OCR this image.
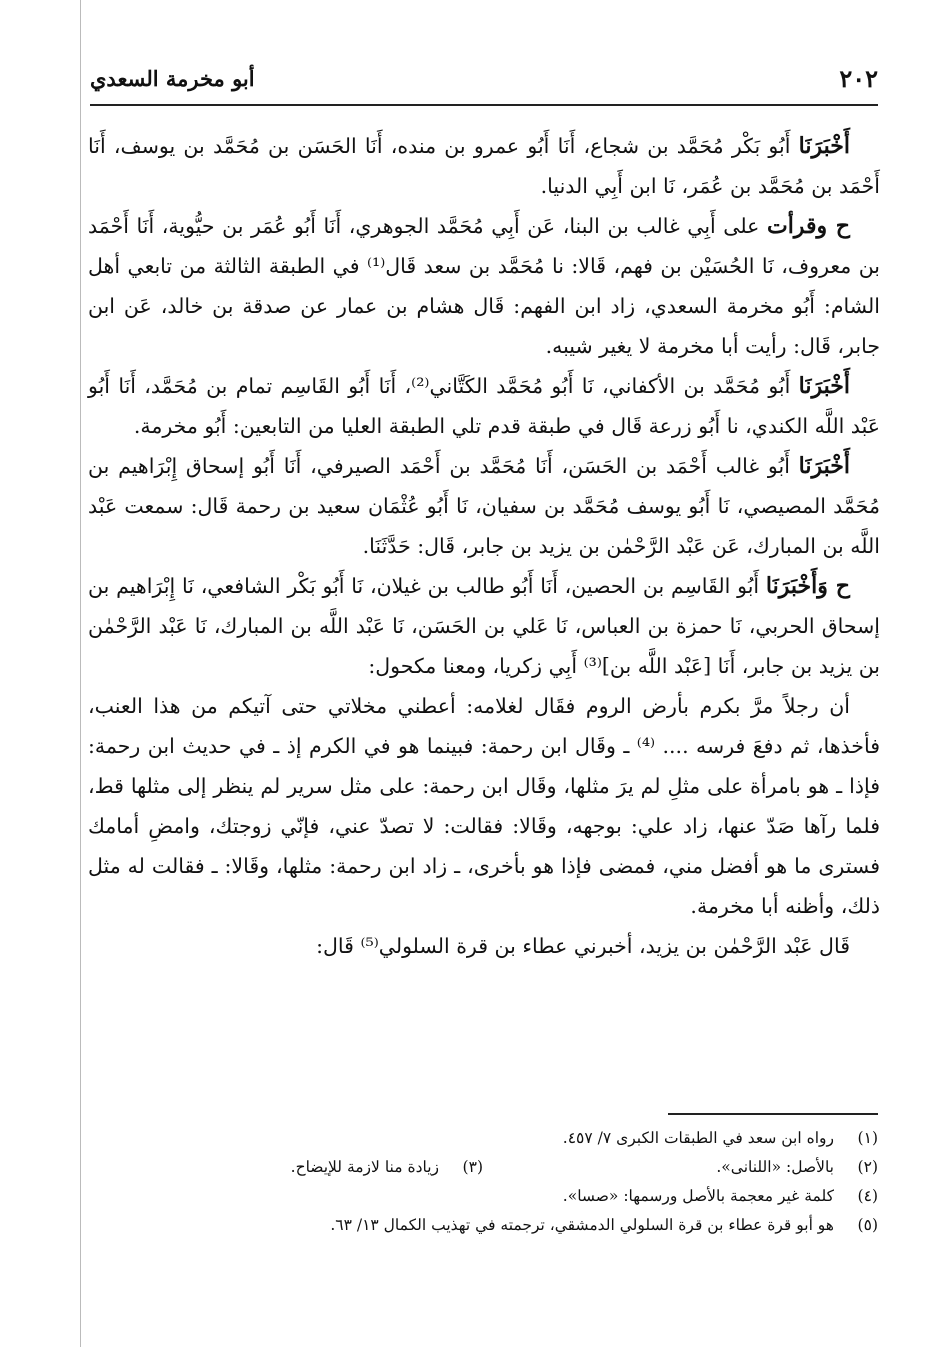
٢٠٢
أبو مخرمة السعدي

أَخْبَرَنَا أَبُو بَكْر مُحَمَّد بن شجاع، أَنَا أَبُو عمرو بن منده، أَنَا الحَسَن بن مُحَمَّد بن يوسف، أَنَا أَحْمَد بن مُحَمَّد بن عُمَر، نَا ابن أَبِي الدنيا.

ح وقرأت على أَبِي غالب بن البنا، عَن أَبِي مُحَمَّد الجوهري، أَنَا أَبُو عُمَر بن حيُّوية، أَنَا أَحْمَد بن معروف، نَا الحُسَيْن بن فهم، قَالا: نا مُحَمَّد بن سعد قَال⁽¹⁾ في الطبقة الثالثة من تابعي أهل الشام: أَبُو مخرمة السعدي، زاد ابن الفهم: قَال هشام بن عمار عن صدقة بن خالد، عَن ابن جابر، قَال: رأيت أبا مخرمة لا يغير شيبه.

أَخْبَرَنَا أَبُو مُحَمَّد بن الأكفاني، نَا أَبُو مُحَمَّد الكَتَّاني⁽²⁾، أَنَا أَبُو القَاسِم تمام بن مُحَمَّد، أَنَا أَبُو عَبْد اللَّه الكندي، نا أَبُو زرعة قَال في طبقة قدم تلي الطبقة العليا من التابعين: أَبُو مخرمة.

أَخْبَرَنَا أَبُو غالب أَحْمَد بن الحَسَن، أَنَا مُحَمَّد بن أَحْمَد الصيرفي، أَنَا أَبُو إسحاق إِبْرَاهيم بن مُحَمَّد المصيصي، نَا أَبُو يوسف مُحَمَّد بن سفيان، نَا أَبُو عُثْمَان سعيد بن رحمة قَال: سمعت عَبْد اللَّه بن المبارك، عَن عَبْد الرَّحْمٰن بن يزيد بن جابر، قَال: حَدَّثَنَا.

ح وَأَخْبَرَنَا أَبُو القَاسِم بن الحصين، أَنَا أَبُو طالب بن غيلان، نَا أَبُو بَكْر الشافعي، نَا إِبْرَاهيم بن إسحاق الحربي، نَا حمزة بن العباس، نَا عَلي بن الحَسَن، نَا عَبْد اللَّه بن المبارك، نَا عَبْد الرَّحْمٰن بن يزيد بن جابر، أَنَا [عَبْد اللَّه بن]⁽³⁾ أَبِي زكريا، ومعنا مكحول:

أن رجلاً مرَّ بكرم بأرض الروم فقَال لغلامه: أعطني مخلاتي حتى آتيكم من هذا العنب، فأخذها، ثم دفعَ فرسه .... ⁽⁴⁾ ـ وقَال ابن رحمة: فبينما هو في الكرم إذ ـ في حديث ابن رحمة: فإذا ـ هو بامرأة على مثلِ لم يرَ مثلها، وقَال ابن رحمة: على مثل سرير لم ينظر إلى مثلها قط، فلما رآها صَدّ عنها، زاد علي: بوجهه، وقَالا: فقالت: لا تصدّ عني، فإنّي زوجتك، وامضِ أمامك فسترى ما هو أفضل مني، فمضى فإذا هو بأخرى، ـ زاد ابن رحمة: مثلها، وقَالا: ـ فقالت له مثل ذلك، وأظنه أبا مخرمة.

قَال عَبْد الرَّحْمٰن بن يزيد، أخبرني عطاء بن قرة السلولي⁽⁵⁾ قَال:

(١)رواه ابن سعد في الطبقات الكبرى ٧/ ٤٥٧.
(٢)بالأصل: «اللنانى».
(٣)زيادة منا لازمة للإيضاح.
(٤)كلمة غير معجمة بالأصل ورسمها: «صسا».
(٥)هو أبو قرة عطاء بن قرة السلولي الدمشقي، ترجمته في تهذيب الكمال ١٣/ ٦٣.
